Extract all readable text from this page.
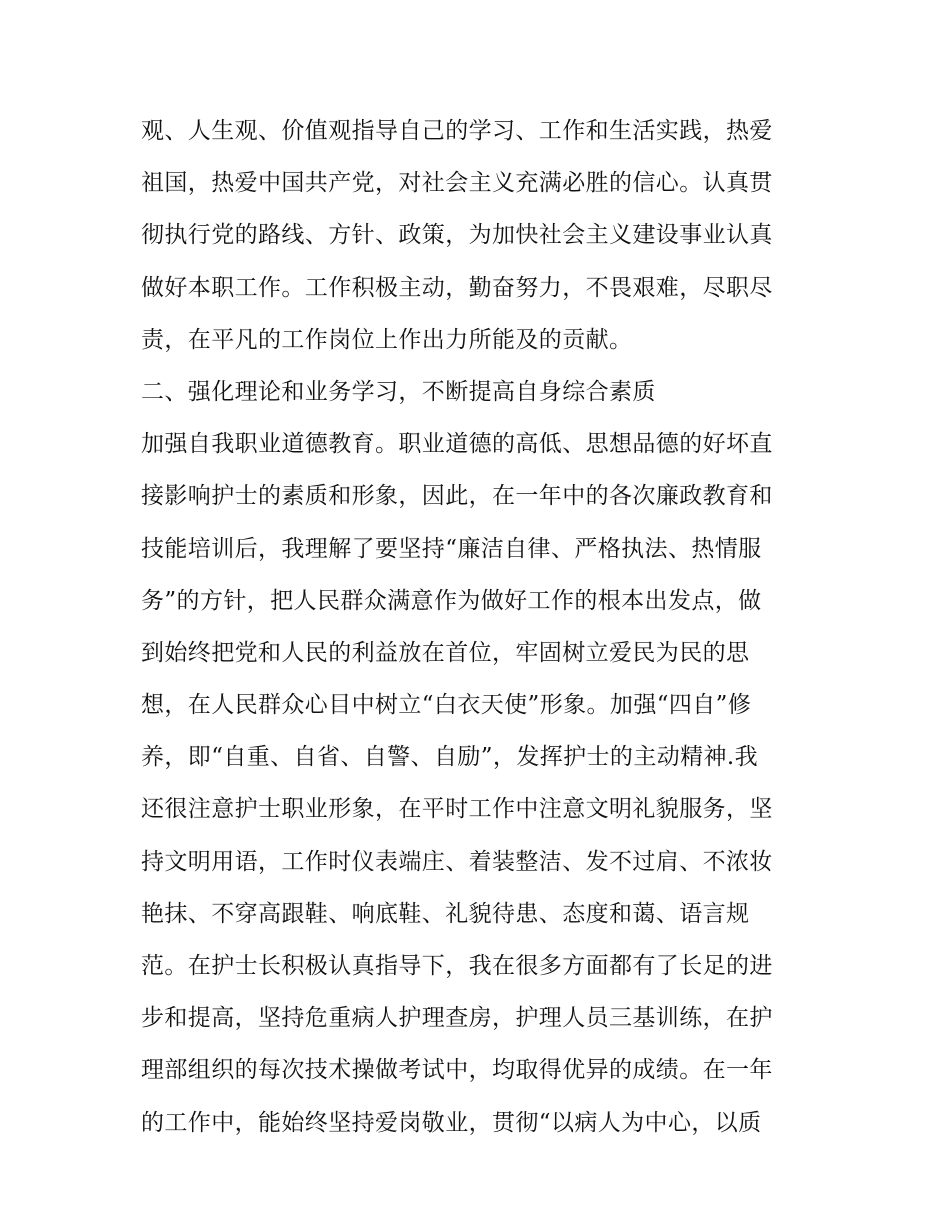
观、人生观、价值观指导自己的学习、工作和生活实践，热爱
祖国，热爱中国共产党，对社会主义充满必胜的信心。认真贯
彻执行党的路线、方针、政策，为加快社会主义建设事业认真
做好本职工作。工作积极主动，勤奋努力，不畏艰难，尽职尽
责，在平凡的工作岗位上作出力所能及的贡献。
二、强化理论和业务学习，不断提高自身综合素质
加强自我职业道德教育。职业道德的高低、思想品德的好坏直
接影响护士的素质和形象，因此，在一年中的各次廉政教育和
技能培训后，我理解了要坚持“廉洁自律、严格执法、热情服
务”的方针，把人民群众满意作为做好工作的根本出发点，做
到始终把党和人民的利益放在首位，牢固树立爱民为民的思
想，在人民群众心目中树立“白衣天使”形象。加强“四自”修
养，即“自重、自省、自警、自励”，发挥护士的主动精神.我
还很注意护士职业形象，在平时工作中注意文明礼貌服务，坚
持文明用语，工作时仪表端庄、着装整洁、发不过肩、不浓妆
艳抹、不穿高跟鞋、响底鞋、礼貌待患、态度和蔼、语言规
范。在护士长积极认真指导下，我在很多方面都有了长足的进
步和提高，坚持危重病人护理查房，护理人员三基训练，在护
理部组织的每次技术操做考试中，均取得优异的成绩。在一年
的工作中，能始终坚持爱岗敬业，贯彻“以病人为中心，以质
